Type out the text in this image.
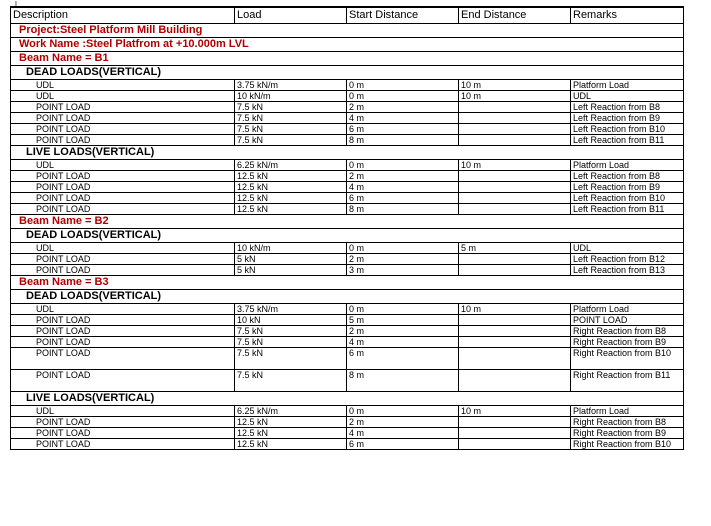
I
Description	Load	Start Distance	End Distance	Remarks
Project:Steel Platform Mill Building				
Work Name :Steel Platfrom at +10.000m LVL				
Beam Name = B1				
DEAD LOADS(VERTICAL)				
UDL	3.75 kN/m	0 m	10 m	Platform Load
UDL	10 kN/m	0 m	10 m	UDL
POINT LOAD	7.5 kN	2 m		Left Reaction from B8
POINT LOAD	7.5 kN	4 m		Left Reaction from B9
POINT LOAD	7.5 kN	6 m		Left Reaction from B10
POINT LOAD	7.5 kN	8 m		Left Reaction from B11
LIVE LOADS(VERTICAL)				
UDL	6.25 kN/m	0 m	10 m	Platform Load
POINT LOAD	12.5 kN	2 m		Left Reaction from B8
POINT LOAD	12.5 kN	4 m		Left Reaction from B9
POINT LOAD	12.5 kN	6 m		Left Reaction from B10
POINT LOAD	12.5 kN	8 m		Left Reaction from B11
Beam Name = B2				
DEAD LOADS(VERTICAL)				
UDL	10 kN/m	0 m	5 m	UDL
POINT LOAD	5 kN	2 m		Left Reaction from B12
POINT LOAD	5 kN	3 m		Left Reaction from B13
Beam Name = B3				
DEAD LOADS(VERTICAL)				
UDL	3.75 kN/m	0 m	10 m	Platform Load
POINT LOAD	10 kN	5 m		POINT LOAD
POINT LOAD	7.5 kN	2 m		Right Reaction from B8
POINT LOAD	7.5 kN	4 m		Right Reaction from B9
POINT LOAD	7.5 kN	6 m		Right Reaction from B10
POINT LOAD	7.5 kN	8 m		Right Reaction from B11
LIVE LOADS(VERTICAL)				
UDL	6.25 kN/m	0 m	10 m	Platform Load
POINT LOAD	12.5 kN	2 m		Right Reaction from B8
POINT LOAD	12.5 kN	4 m		Right Reaction from B9
POINT LOAD	12.5 kN	6 m		Right Reaction from B10
